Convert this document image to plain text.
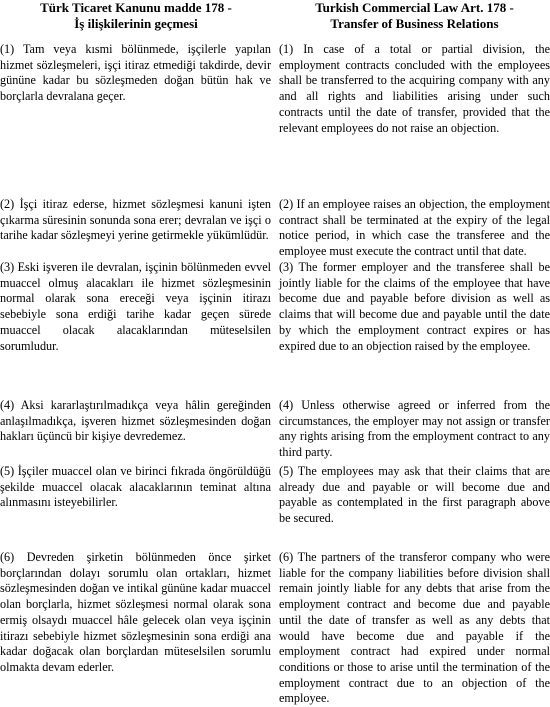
Türk Ticaret Kanunu madde 178 -
İş ilişkilerinin geçmesi
Turkish Commercial Law Art. 178 -
Transfer of Business Relations

(1) Tam veya kısmi bölünmede, işçilerle yapılan hizmet sözleşmeleri, işçi itiraz etmediği takdirde, devir gününe kadar bu sözleşmeden doğan bütün hak ve borçlarla devralana geçer.

(2) İşçi itiraz ederse, hizmet sözleşmesi kanuni işten çıkarma süresinin sonunda sona erer; devralan ve işçi o tarihe kadar sözleşmeyi yerine getirmekle yükümlüdür.

(3) Eski işveren ile devralan, işçinin bölünmeden evvel muaccel olmuş alacakları ile hizmet sözleşmesinin normal olarak sona ereceği veya işçinin itirazı sebebiyle sona erdiği tarihe kadar geçen sürede muaccel olacak alacaklarından müteselsilen sorumludur.

(4) Aksi kararlaştırılmadıkça veya hâlin gereğinden anlaşılmadıkça, işveren hizmet sözleşmesinden doğan hakları üçüncü bir kişiye devredemez.

(5) İşçiler muaccel olan ve birinci fıkrada öngörüldüğü şekilde muaccel olacak alacaklarının teminat altına alınmasını isteyebilirler.

(6) Devreden şirketin bölünmeden önce şirket borçlarından dolayı sorumlu olan ortakları, hizmet sözleşmesinden doğan ve intikal gününe kadar muaccel olan borçlarla, hizmet sözleşmesi normal olarak sona ermiş olsaydı muaccel hâle gelecek olan veya işçinin itirazı sebebiyle hizmet sözleşmesinin sona erdiği ana kadar doğacak olan borçlardan müteselsilen sorumlu olmakta devam ederler.

(1) In case of a total or partial division, the employment contracts concluded with the employees shall be transferred to the acquiring company with any and all rights and liabilities arising under such contracts until the date of transfer, provided that the relevant employees do not raise an objection.

(2) If an employee raises an objection, the employment contract shall be terminated at the expiry of the legal notice period, in which case the transferee and the employee must execute the contract until that date.

(3) The former employer and the transferee shall be jointly liable for the claims of the employee that have become due and payable before division as well as claims that will become due and payable until the date by which the employment contract expires or has expired due to an objection raised by the employee.

(4) Unless otherwise agreed or inferred from the circumstances, the employer may not assign or transfer any rights arising from the employment contract to any third party.

(5) The employees may ask that their claims that are already due and payable or will become due and payable as contemplated in the first paragraph above be secured.

(6) The partners of the transferor company who were liable for the company liabilities before division shall remain jointly liable for any debts that arise from the employment contract and become due and payable until the date of transfer as well as any debts that would have become due and payable if the employment contract had expired under normal conditions or those to arise until the termination of the employment contract due to an objection of the employee.
